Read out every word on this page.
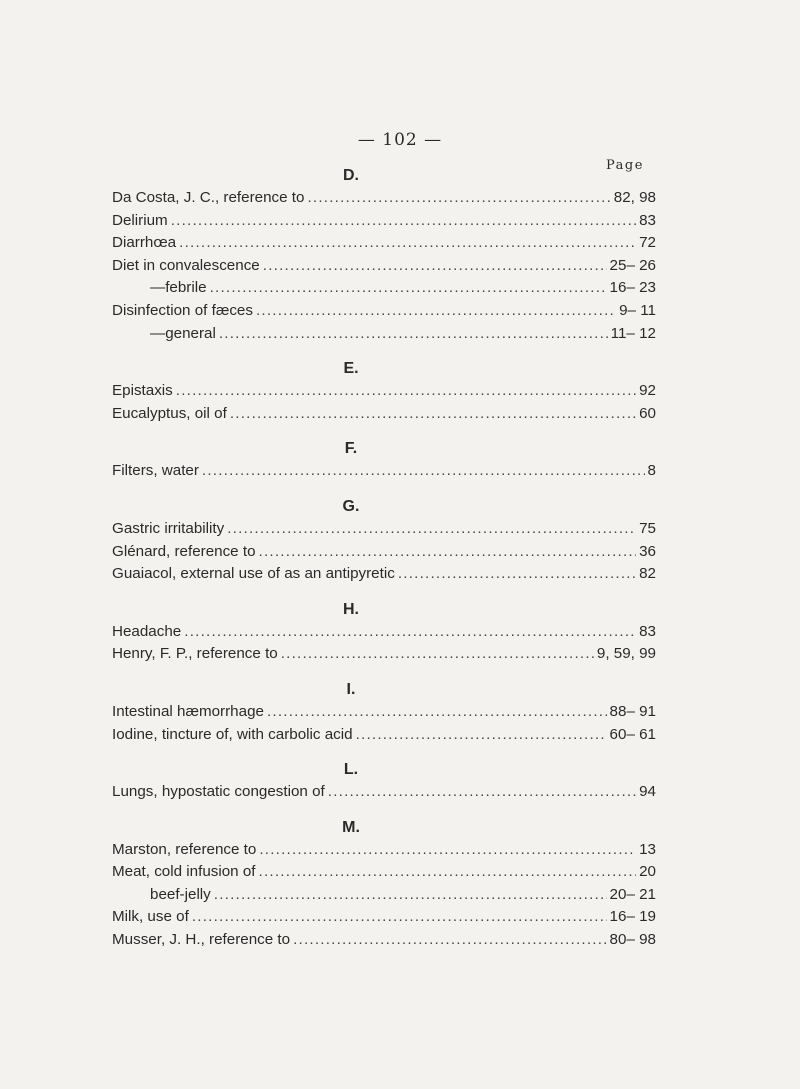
— 102 —
Page
D.
Da Costa, J. C., reference to . . .	82, 98
Delirium . . .	83
Diarrhœa . . .	72
Diet in convalescence . . .	25– 26
—febrile . . .	16– 23
Disinfection of fæces . . .	9– 11
—general . . .	11– 12
E.
Epistaxis . . .	92
Eucalyptus, oil of . . .	60
F.
Filters, water . . .	8
G.
Gastric irritability . . .	75
Glénard, reference to . . .	36
Guaiacol, external use of as an antipyretic . . .	82
H.
Headache . . .	83
Henry, F. P., reference to . . .	9, 59, 99
I.
Intestinal hæmorrhage . . .	88– 91
Iodine, tincture of, with carbolic acid . . .	60– 61
L.
Lungs, hypostatic congestion of . . .	94
M.
Marston, reference to . . .	13
Meat, cold infusion of . . .	20
beef-jelly . . .	20– 21
Milk, use of . . .	16– 19
Musser, J. H., reference to . . .	80– 98
